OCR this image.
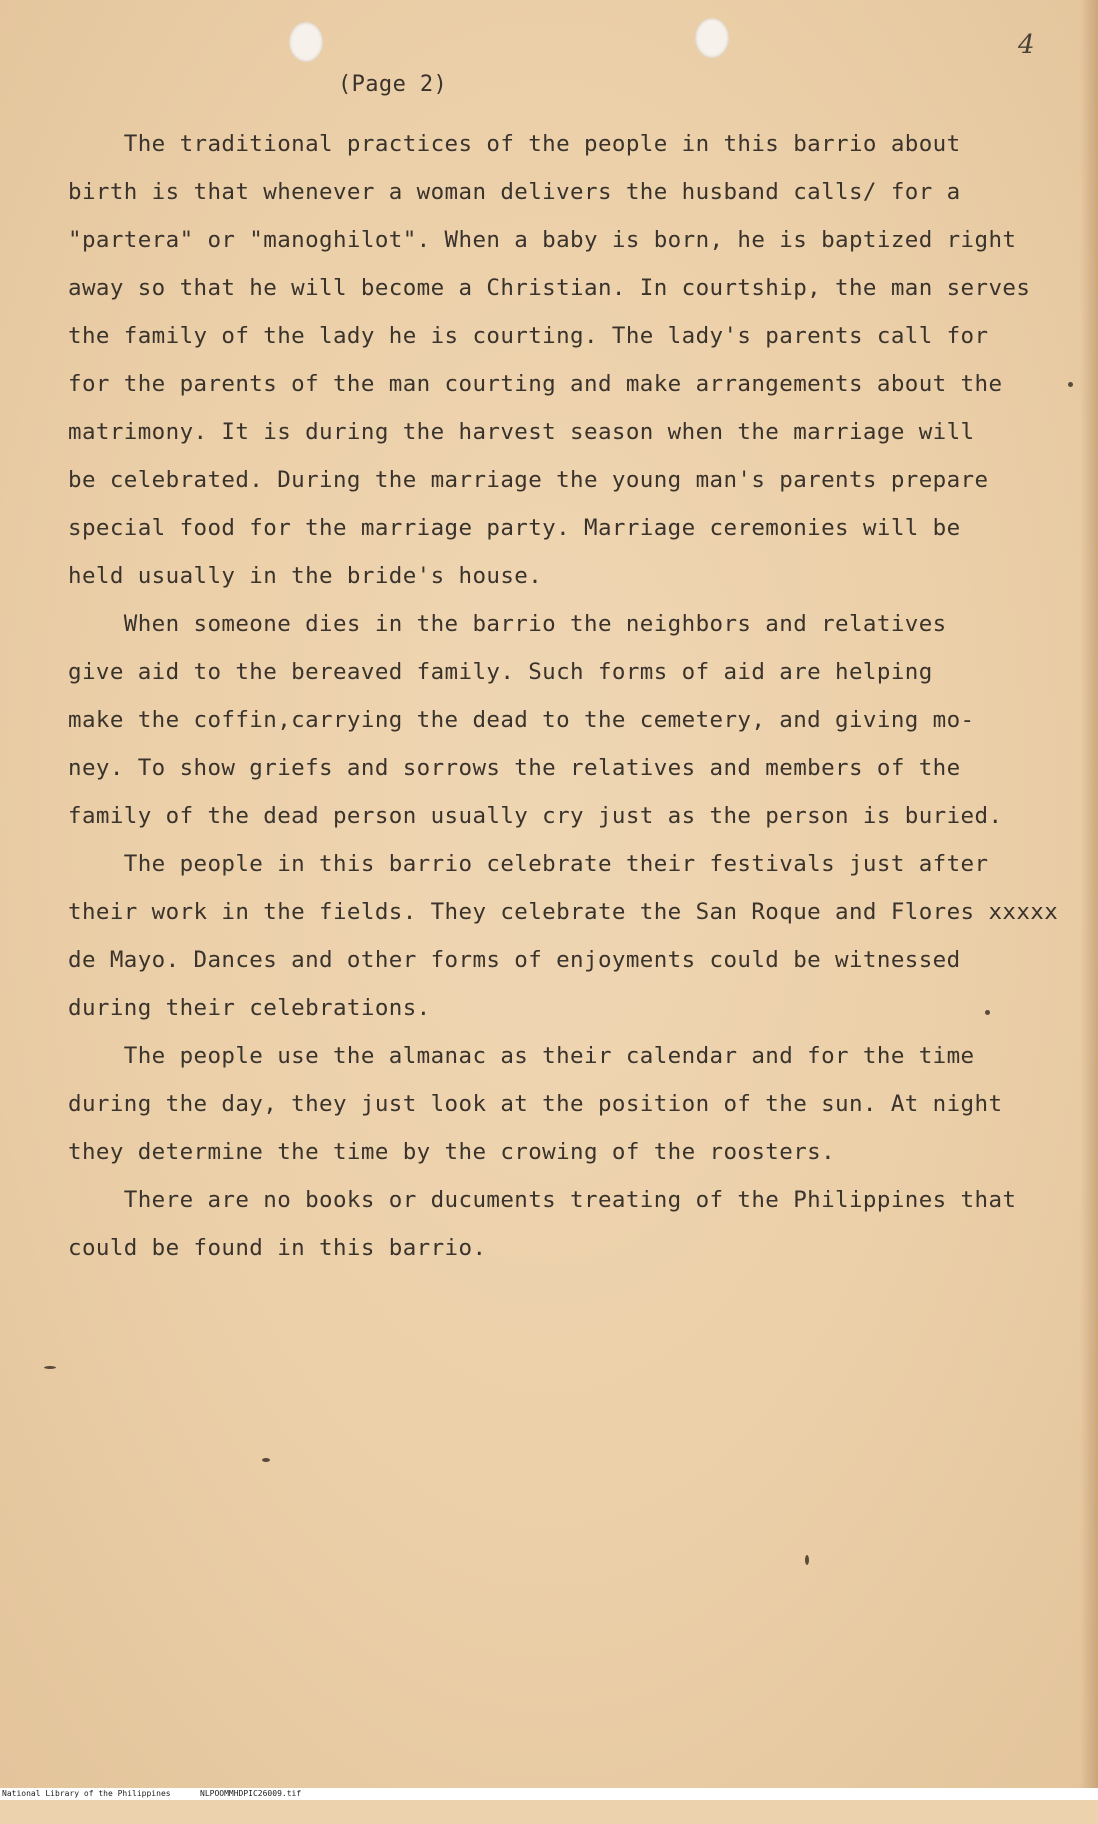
(Page 2)
4
The traditional practices of the people in this barrio about
birth is that whenever a woman delivers the husband calls/ for a
"partera" or "manoghilot". When a baby is born, he is baptized right
away so that he will become a Christian. In courtship, the man serves
the family of the lady he is courting. The lady's parents call for
for the parents of the man courting and make arrangements about the
matrimony. It is during the harvest season when the marriage will
be celebrated. During the marriage the young man's parents prepare
special food for the marriage party. Marriage ceremonies will be
held usually in the bride's house.
When someone dies in the barrio the neighbors and relatives
give aid to the bereaved family. Such forms of aid are helping
make the coffin,carrying the dead to the cemetery, and giving mo-
ney. To show griefs and sorrows the relatives and members of the
family of the dead person usually cry just as the person is buried.
The people in this barrio celebrate their festivals just after
their work in the fields. They celebrate the San Roque and Flores xxxxx
de Mayo. Dances and other forms of enjoyments could be witnessed
during their celebrations.
The people use the almanac as their calendar and for the time
during the day, they just look at the position of the sun. At night
they determine the time by the crowing of the roosters.
There are no books or ducuments treating of the Philippines that
could be found in this barrio.

National Library of the Philippines

	NLPOOMMHDPIC26009.tif
